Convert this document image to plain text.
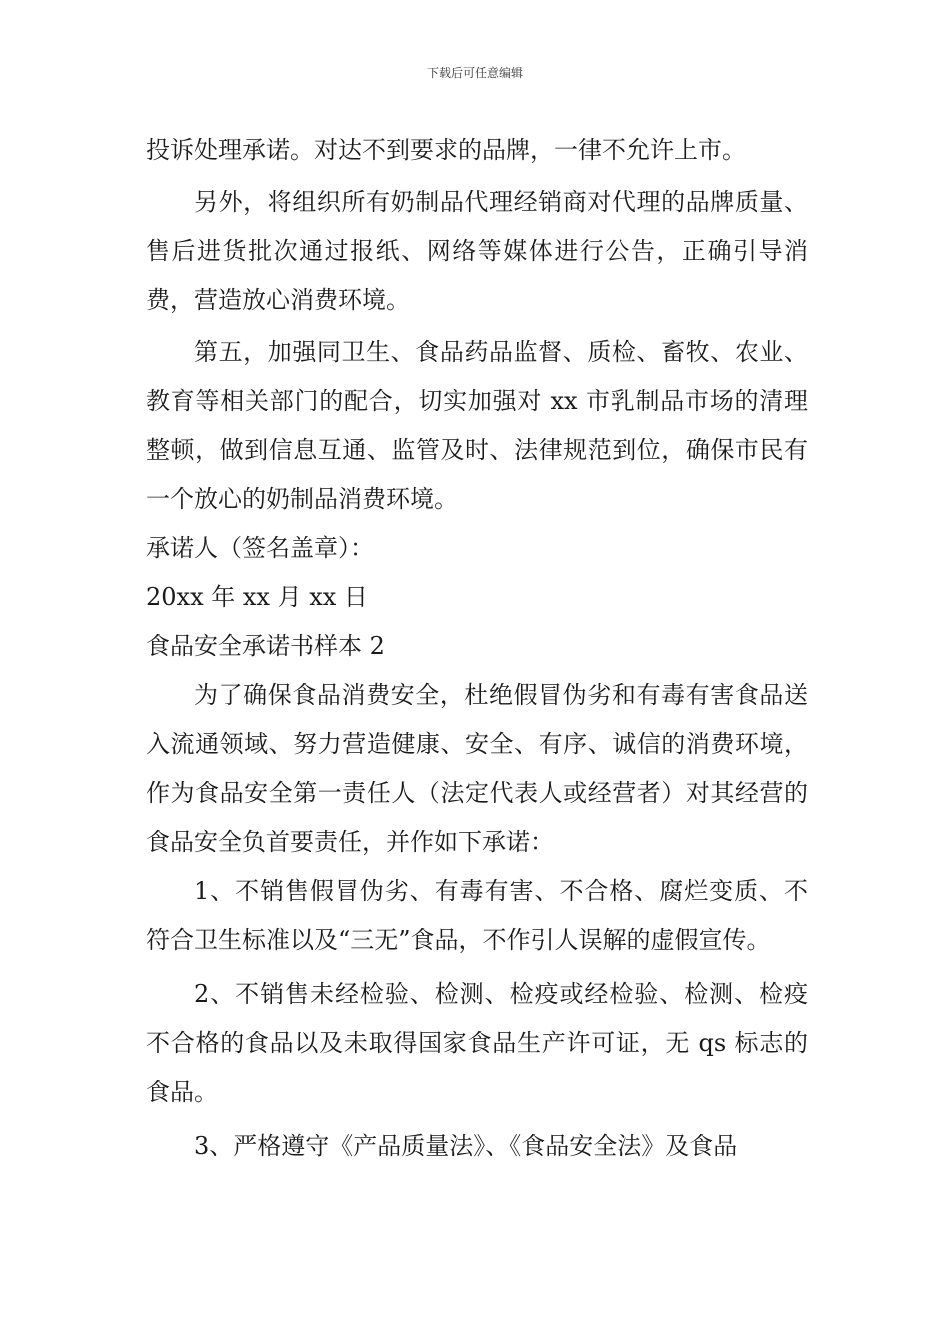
下载后可任意编辑

投诉处理承诺。对达不到要求的品牌，一律不允许上市。

另外，将组织所有奶制品代理经销商对代理的品牌质量、售后进货批次通过报纸、网络等媒体进行公告，正确引导消费，营造放心消费环境。

第五，加强同卫生、食品药品监督、质检、畜牧、农业、教育等相关部门的配合，切实加强对 xx 市乳制品市场的清理整顿，做到信息互通、监管及时、法律规范到位，确保市民有一个放心的奶制品消费环境。

承诺人（签名盖章）：

20xx 年 xx 月 xx 日

食品安全承诺书样本 2

为了确保食品消费安全，杜绝假冒伪劣和有毒有害食品送入流通领域、努力营造健康、安全、有序、诚信的消费环境，作为食品安全第一责任人（法定代表人或经营者）对其经营的食品安全负首要责任，并作如下承诺：

1、不销售假冒伪劣、有毒有害、不合格、腐烂变质、不符合卫生标准以及“三无”食品，不作引人误解的虚假宣传。

2、不销售未经检验、检测、检疫或经检验、检测、检疫不合格的食品以及未取得国家食品生产许可证，无 qs 标志的食品。

3、严格遵守《产品质量法》、《食品安全法》及食品
